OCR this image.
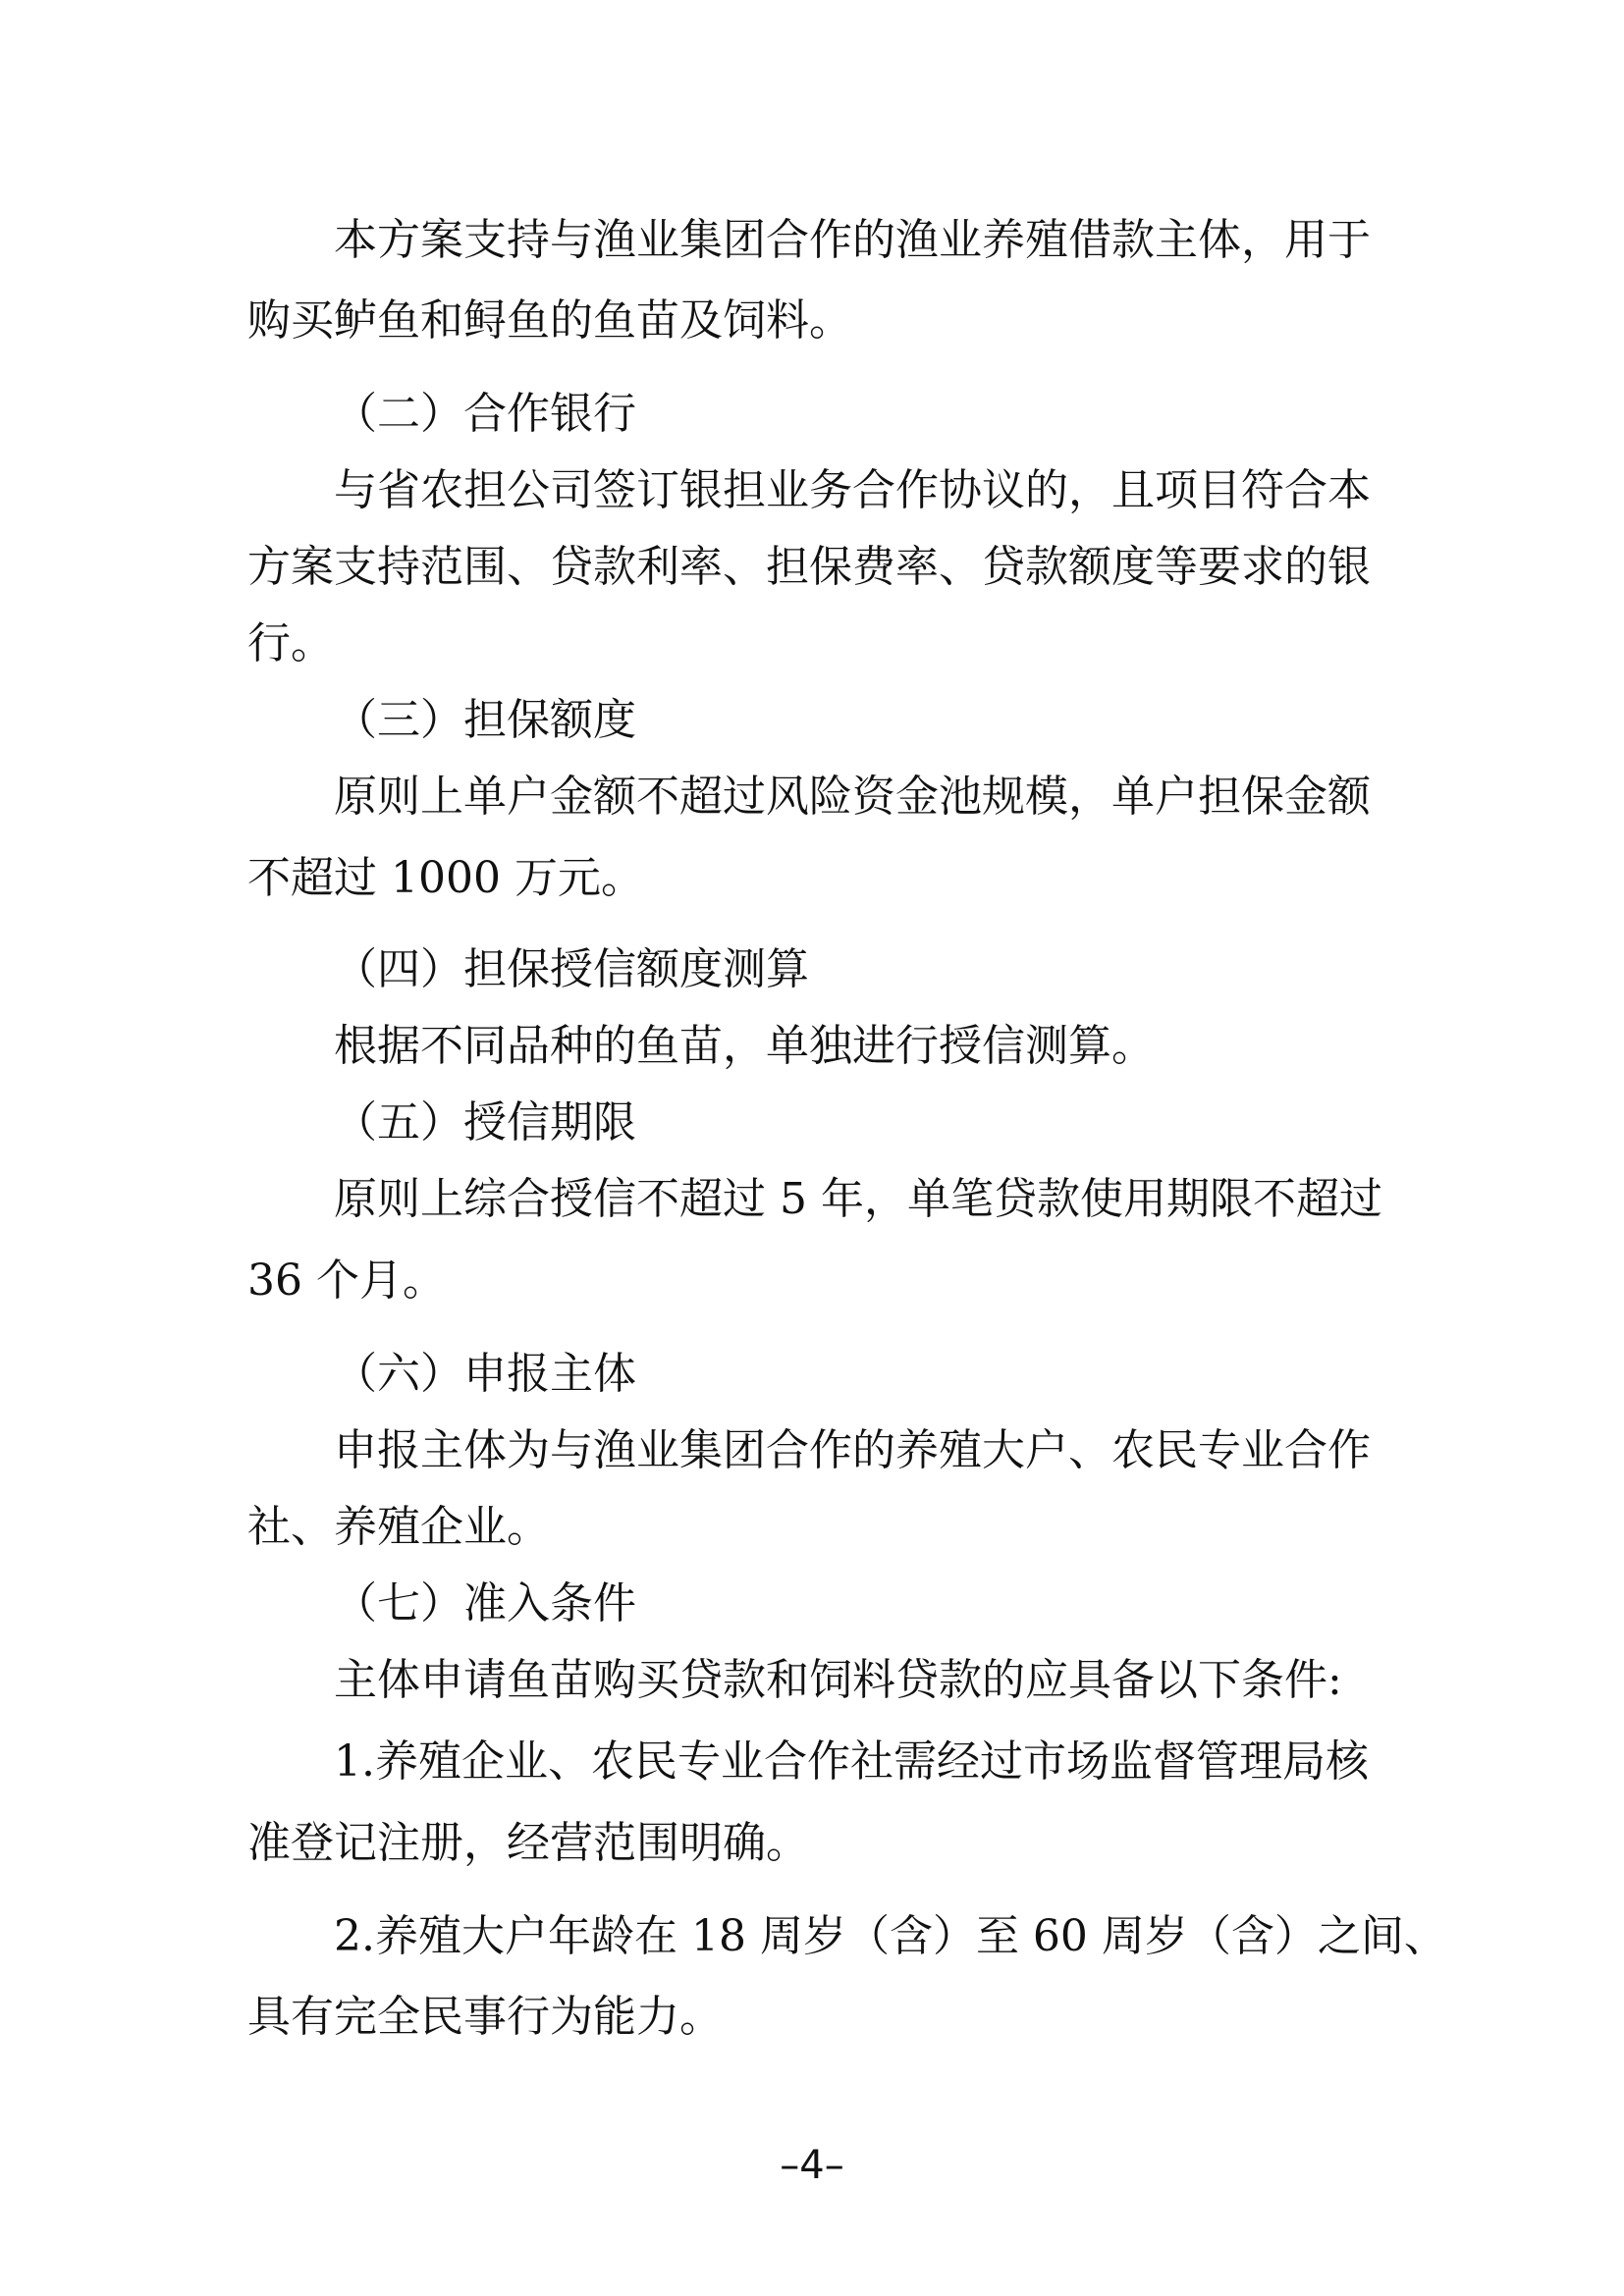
本方案支持与渔业集团合作的渔业养殖借款主体，用于
购买鲈鱼和鲟鱼的鱼苗及饲料。
（二）合作银行
与省农担公司签订银担业务合作协议的，且项目符合本
方案支持范围、贷款利率、担保费率、贷款额度等要求的银
行。
（三）担保额度
原则上单户金额不超过风险资金池规模，单户担保金额
不超过 1000 万元。
（四）担保授信额度测算
根据不同品种的鱼苗，单独进行授信测算。
（五）授信期限
原则上综合授信不超过 5 年，单笔贷款使用期限不超过
36 个月。
（六）申报主体
申报主体为与渔业集团合作的养殖大户、农民专业合作
社、养殖企业。
（七）准入条件
主体申请鱼苗购买贷款和饲料贷款的应具备以下条件:
1.养殖企业、农民专业合作社需经过市场监督管理局核
准登记注册，经营范围明确。
2.养殖大户年龄在 18 周岁（含）至 60 周岁（含）之间、
具有完全民事行为能力。
–4–
